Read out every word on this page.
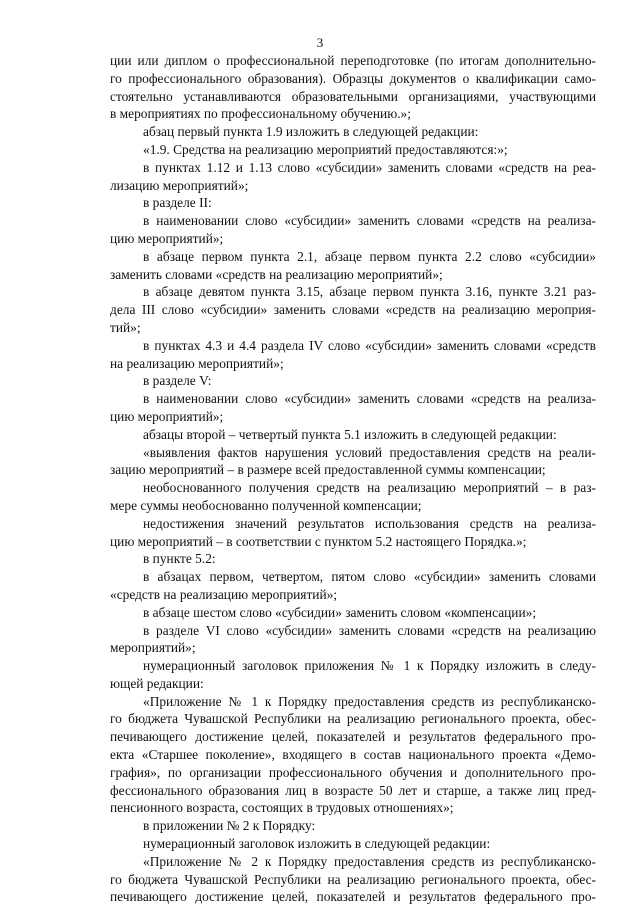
3
ции или диплом о профессиональной переподготовке (по итогам дополнительно-
го профессионального образования). Образцы документов о квалификации само-
стоятельно устанавливаются образовательными организациями, участвующими
в мероприятиях по профессиональному обучению.»;
абзац первый пункта 1.9 изложить в следующей редакции:
«1.9. Средства на реализацию мероприятий предоставляются:»;
в пунктах 1.12 и 1.13 слово «субсидии» заменить словами «средств на реа-
лизацию мероприятий»;
в разделе II:
в наименовании слово «субсидии» заменить словами «средств на реализа-
цию мероприятий»;
в абзаце первом пункта 2.1, абзаце первом пункта 2.2 слово «субсидии»
заменить словами «средств на реализацию мероприятий»;
в абзаце девятом пункта 3.15, абзаце первом пункта 3.16, пункте 3.21 раз-
дела III слово «субсидии» заменить словами «средств на реализацию мероприя-
тий»;
в пунктах 4.3 и 4.4 раздела IV слово «субсидии» заменить словами «средств
на реализацию мероприятий»;
в разделе V:
в наименовании слово «субсидии» заменить словами «средств на реализа-
цию мероприятий»;
абзацы второй – четвертый пункта 5.1 изложить в следующей редакции:
«выявления фактов нарушения условий предоставления средств на реали-
зацию мероприятий – в размере всей предоставленной суммы компенсации;
необоснованного получения средств на реализацию мероприятий – в раз-
мере суммы необоснованно полученной компенсации;
недостижения значений результатов использования средств на реализа-
цию мероприятий – в соответствии с пунктом 5.2 настоящего Порядка.»;
в пункте 5.2:
в абзацах первом, четвертом, пятом слово «субсидии» заменить словами
«средств на реализацию мероприятий»;
в абзаце шестом слово «субсидии» заменить словом «компенсации»;
в разделе VI слово «субсидии» заменить словами «средств на реализацию
мероприятий»;
нумерационный заголовок приложения № 1 к Порядку изложить в следу-
ющей редакции:
«Приложение № 1 к Порядку предоставления средств из республиканско-
го бюджета Чувашской Республики на реализацию регионального проекта, обес-
печивающего достижение целей, показателей и результатов федерального про-
екта «Старшее поколение», входящего в состав национального проекта «Демо-
графия», по организации профессионального обучения и дополнительного про-
фессионального образования лиц в возрасте 50 лет и старше, а также лиц пред-
пенсионного возраста, состоящих в трудовых отношениях»;
в приложении № 2 к Порядку:
нумерационный заголовок изложить в следующей редакции:
«Приложение № 2 к Порядку предоставления средств из республиканско-
го бюджета Чувашской Республики на реализацию регионального проекта, обес-
печивающего достижение целей, показателей и результатов федерального про-
